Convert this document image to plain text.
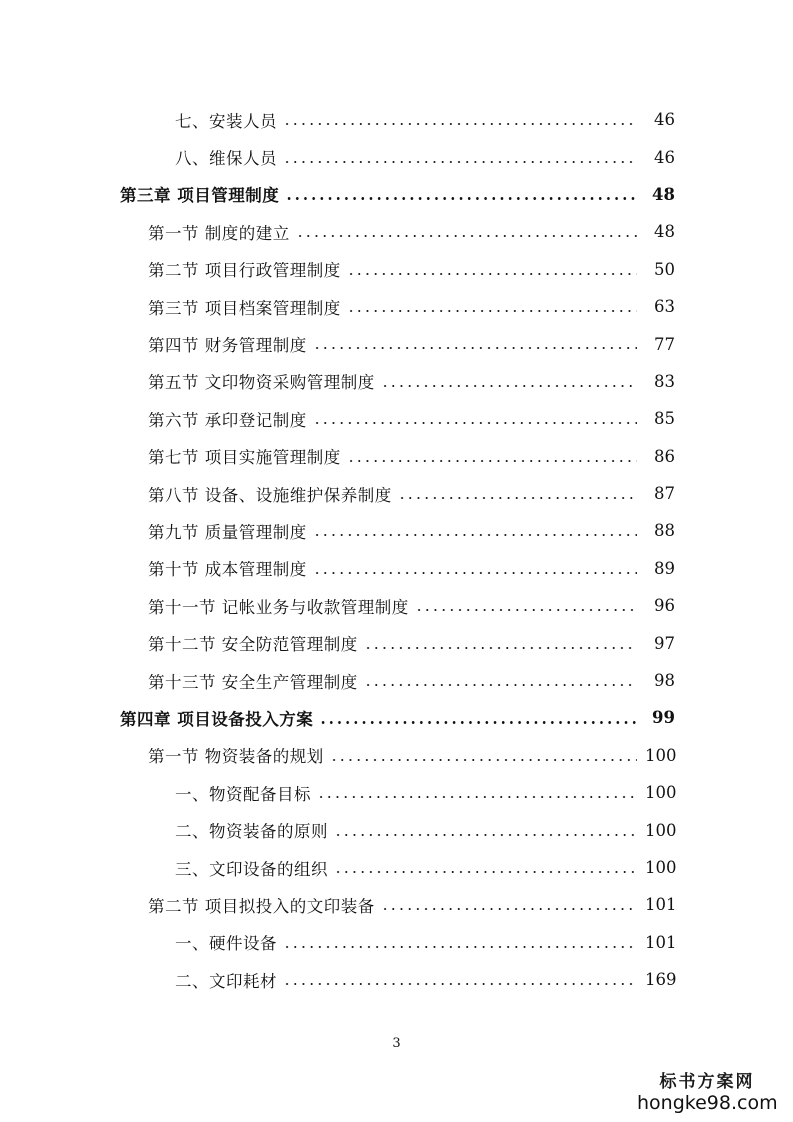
七、安装人员	46
八、维保人员	46
第三章 项目管理制度	48
第一节 制度的建立	48
第二节 项目行政管理制度	50
第三节 项目档案管理制度	63
第四节 财务管理制度	77
第五节 文印物资采购管理制度	83
第六节 承印登记制度	85
第七节 项目实施管理制度	86
第八节 设备、设施维护保养制度	87
第九节 质量管理制度	88
第十节 成本管理制度	89
第十一节 记帐业务与收款管理制度	96
第十二节 安全防范管理制度	97
第十三节 安全生产管理制度	98
第四章 项目设备投入方案	99
第一节 物资装备的规划	100
一、物资配备目标	100
二、物资装备的原则	100
三、文印设备的组织	100
第二节 项目拟投入的文印装备	101
一、硬件设备	101
二、文印耗材	169
3
标书方案网
hongke98.com
